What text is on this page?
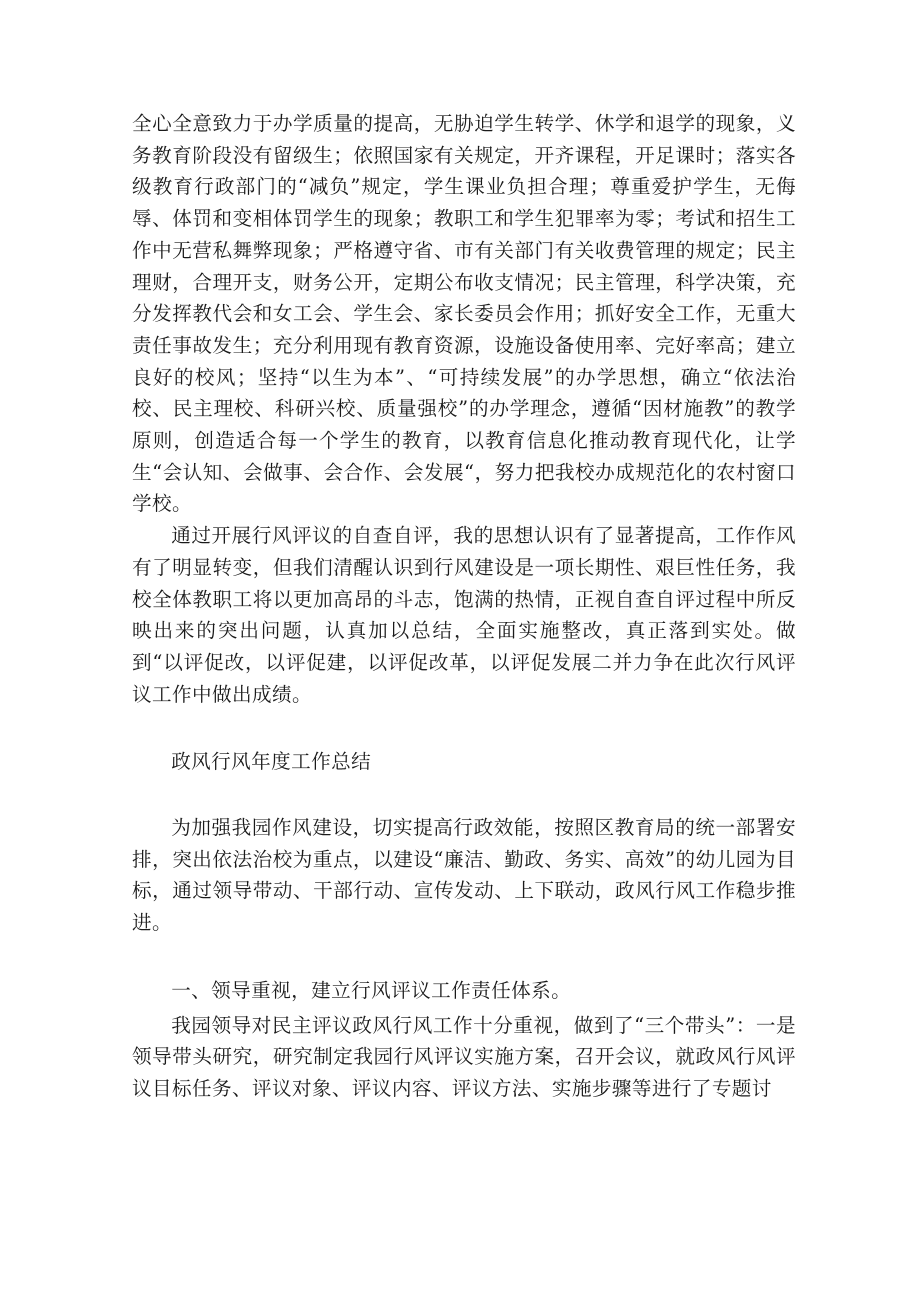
全心全意致力于办学质量的提高，无胁迫学生转学、休学和退学的现象，义务教育阶段没有留级生；依照国家有关规定，开齐课程，开足课时；落实各级教育行政部门的“减负”规定，学生课业负担合理；尊重爱护学生，无侮辱、体罚和变相体罚学生的现象；教职工和学生犯罪率为零；考试和招生工作中无营私舞弊现象；严格遵守省、市有关部门有关收费管理的规定；民主理财，合理开支，财务公开，定期公布收支情况；民主管理，科学决策，充分发挥教代会和女工会、学生会、家长委员会作用；抓好安全工作，无重大责任事故发生；充分利用现有教育资源，设施设备使用率、完好率高；建立良好的校风；坚持“以生为本”、“可持续发展”的办学思想，确立“依法治校、民主理校、科研兴校、质量强校”的办学理念，遵循“因材施教”的教学原则，创造适合每一个学生的教育，以教育信息化推动教育现代化，让学生“会认知、会做事、会合作、会发展“，努力把我校办成规范化的农村窗口学校。

通过开展行风评议的自查自评，我的思想认识有了显著提高，工作作风有了明显转变，但我们清醒认识到行风建设是一项长期性、艰巨性任务，我校全体教职工将以更加高昂的斗志，饱满的热情，正视自查自评过程中所反映出来的突出问题，认真加以总结，全面实施整改，真正落到实处。做到“以评促改，以评促建，以评促改革，以评促发展二并力争在此次行风评议工作中做出成绩。

政风行风年度工作总结

为加强我园作风建设，切实提高行政效能，按照区教育局的统一部署安排，突出依法治校为重点，以建设“廉洁、勤政、务实、高效”的幼儿园为目标，通过领导带动、干部行动、宣传发动、上下联动，政风行风工作稳步推进。

一、领导重视，建立行风评议工作责任体系。

我园领导对民主评议政风行风工作十分重视，做到了“三个带头”：一是领导带头研究，研究制定我园行风评议实施方案，召开会议，就政风行风评议目标任务、评议对象、评议内容、评议方法、实施步骤等进行了专题讨
